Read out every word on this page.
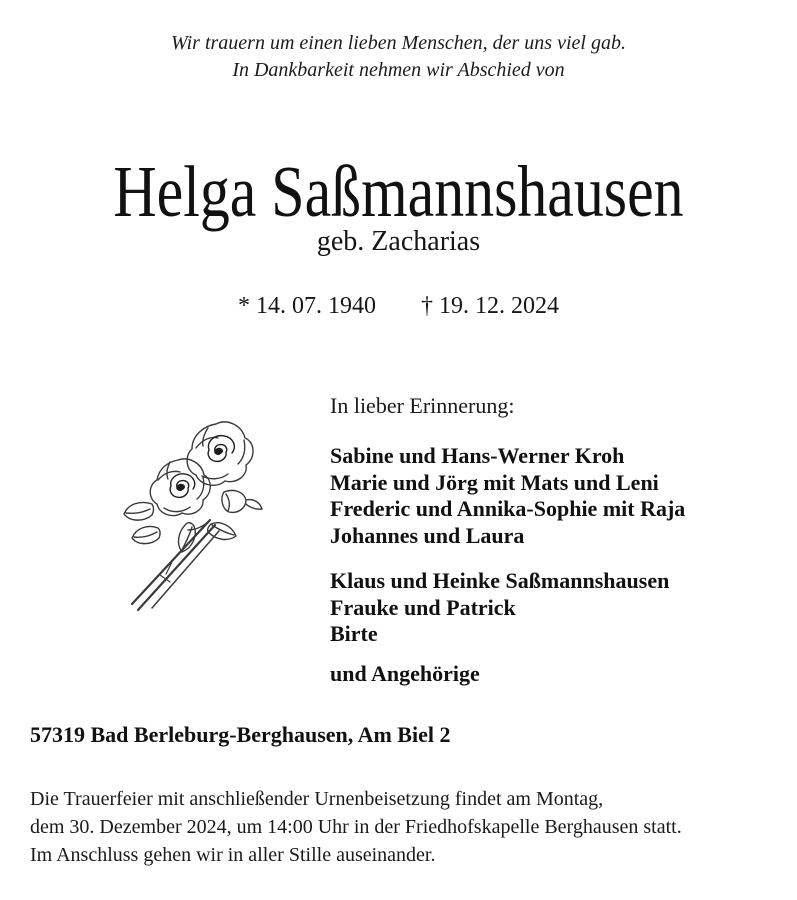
Wir trauern um einen lieben Menschen, der uns viel gab.
In Dankbarkeit nehmen wir Abschied von
Helga Saßmannshausen
geb. Zacharias
* 14. 07. 1940 † 19. 12. 2024
In lieber Erinnerung:
Sabine und Hans-Werner Kroh
Marie und Jörg mit Mats und Leni
Frederic und Annika-Sophie mit Raja
Johannes und Laura
Klaus und Heinke Saßmannshausen
Frauke und Patrick
Birte
und Angehörige
57319 Bad Berleburg-Berghausen, Am Biel 2
Die Trauerfeier mit anschließender Urnenbeisetzung findet am Montag,
dem 30. Dezember 2024, um 14:00 Uhr in der Friedhofskapelle Berghausen statt.
Im Anschluss gehen wir in aller Stille auseinander.
